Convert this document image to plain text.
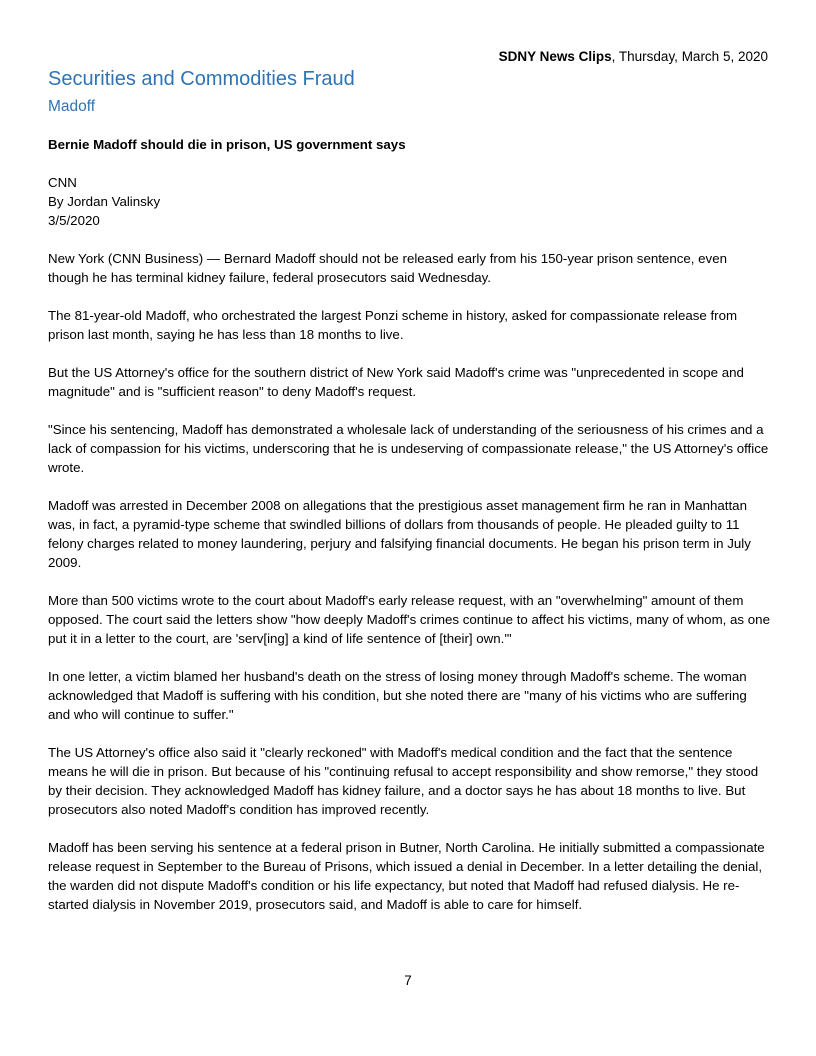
SDNY News Clips, Thursday, March 5, 2020
Securities and Commodities Fraud
Madoff

Bernie Madoff should die in prison, US government says

CNN
By Jordan Valinsky
3/5/2020

New York (CNN Business) — Bernard Madoff should not be released early from his 150-year prison sentence, even though he has terminal kidney failure, federal prosecutors said Wednesday.

The 81-year-old Madoff, who orchestrated the largest Ponzi scheme in history, asked for compassionate release from prison last month, saying he has less than 18 months to live.

But the US Attorney's office for the southern district of New York said Madoff's crime was "unprecedented in scope and magnitude" and is "sufficient reason" to deny Madoff's request.

"Since his sentencing, Madoff has demonstrated a wholesale lack of understanding of the seriousness of his crimes and a lack of compassion for his victims, underscoring that he is undeserving of compassionate release," the US Attorney's office wrote.

Madoff was arrested in December 2008 on allegations that the prestigious asset management firm he ran in Manhattan was, in fact, a pyramid-type scheme that swindled billions of dollars from thousands of people. He pleaded guilty to 11 felony charges related to money laundering, perjury and falsifying financial documents. He began his prison term in July 2009.

More than 500 victims wrote to the court about Madoff's early release request, with an "overwhelming" amount of them opposed. The court said the letters show "how deeply Madoff's crimes continue to affect his victims, many of whom, as one put it in a letter to the court, are 'serv[ing] a kind of life sentence of [their] own.'"

In one letter, a victim blamed her husband's death on the stress of losing money through Madoff's scheme. The woman acknowledged that Madoff is suffering with his condition, but she noted there are "many of his victims who are suffering and who will continue to suffer."

The US Attorney's office also said it "clearly reckoned" with Madoff's medical condition and the fact that the sentence means he will die in prison. But because of his "continuing refusal to accept responsibility and show remorse," they stood by their decision. They acknowledged Madoff has kidney failure, and a doctor says he has about 18 months to live. But prosecutors also noted Madoff's condition has improved recently.

Madoff has been serving his sentence at a federal prison in Butner, North Carolina. He initially submitted a compassionate release request in September to the Bureau of Prisons, which issued a denial in December. In a letter detailing the denial, the warden did not dispute Madoff's condition or his life expectancy, but noted that Madoff had refused dialysis. He re-started dialysis in November 2019, prosecutors said, and Madoff is able to care for himself.

7
